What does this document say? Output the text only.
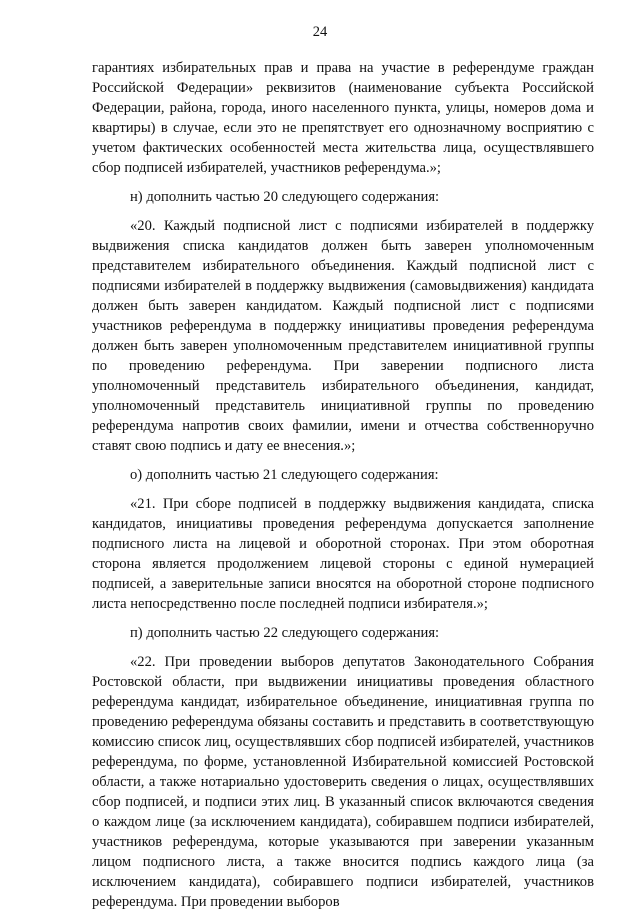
24

гарантиях избирательных прав и права на участие в референдуме граждан Российской Федерации» реквизитов (наименование субъекта Российской Федерации, района, города, иного населенного пункта, улицы, номеров дома и квартиры) в случае, если это не препятствует его однозначному восприятию с учетом фактических особенностей места жительства лица, осуществлявшего сбор подписей избирателей, участников референдума.»;

н) дополнить частью 20 следующего содержания:

«20. Каждый подписной лист с подписями избирателей в поддержку выдвижения списка кандидатов должен быть заверен уполномоченным представителем избирательного объединения. Каждый подписной лист с подписями избирателей в поддержку выдвижения (самовыдвижения) кандидата должен быть заверен кандидатом. Каждый подписной лист с подписями участников референдума в поддержку инициативы проведения референдума должен быть заверен уполномоченным представителем инициативной группы по проведению референдума. При заверении подписного листа уполномоченный представитель избирательного объединения, кандидат, уполномоченный представитель инициативной группы по проведению референдума напротив своих фамилии, имени и отчества собственноручно ставят свою подпись и дату ее внесения.»;

о) дополнить частью 21 следующего содержания:

«21. При сборе подписей в поддержку выдвижения кандидата, списка кандидатов, инициативы проведения референдума допускается заполнение подписного листа на лицевой и оборотной сторонах. При этом оборотная сторона является продолжением лицевой стороны с единой нумерацией подписей, а заверительные записи вносятся на оборотной стороне подписного листа непосредственно после последней подписи избирателя.»;

п) дополнить частью 22 следующего содержания:

«22. При проведении выборов депутатов Законодательного Собрания Ростовской области, при выдвижении инициативы проведения областного референдума кандидат, избирательное объединение, инициативная группа по проведению референдума обязаны составить и представить в соответствующую комиссию список лиц, осуществлявших сбор подписей избирателей, участников референдума, по форме, установленной Избирательной комиссией Ростовской области, а также нотариально удостоверить сведения о лицах, осуществлявших сбор подписей, и подписи этих лиц. В указанный список включаются сведения о каждом лице (за исключением кандидата), собиравшем подписи избирателей, участников референдума, которые указываются при заверении указанным лицом подписного листа, а также вносится подпись каждого лица (за исключением кандидата), собиравшего подписи избирателей, участников референдума. При проведении выборов
